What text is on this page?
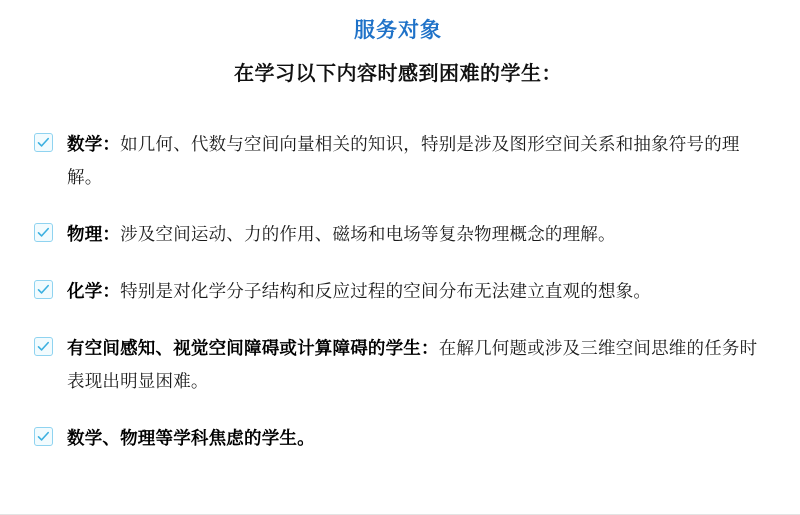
服务对象
在学习以下内容时感到困难的学生：
数学：如几何、代数与空间向量相关的知识，特别是涉及图形空间关系和抽象符号的理解。
物理：涉及空间运动、力的作用、磁场和电场等复杂物理概念的理解。
化学：特别是对化学分子结构和反应过程的空间分布无法建立直观的想象。
有空间感知、视觉空间障碍或计算障碍的学生：在解几何题或涉及三维空间思维的任务时表现出明显困难。
数学、物理等学科焦虑的学生。
